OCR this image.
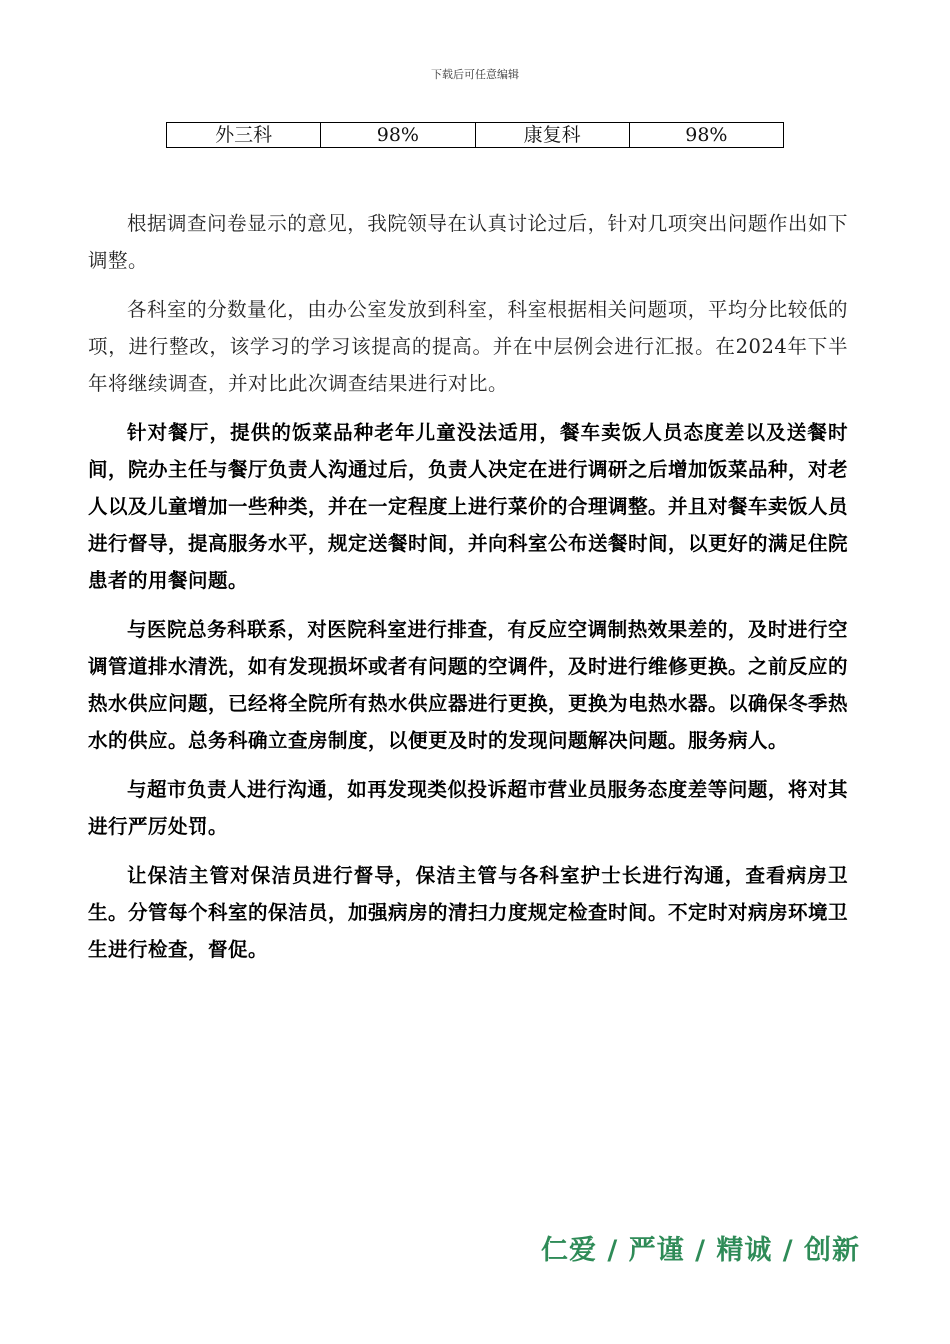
下载后可任意编辑
外三科	98%	康复科	98%

根据调查问卷显示的意见，我院领导在认真讨论过后，针对几项突出问题作出如下调整。

各科室的分数量化，由办公室发放到科室，科室根据相关问题项，平均分比较低的项，进行整改，该学习的学习该提高的提高。并在中层例会进行汇报。在2024年下半年将继续调查，并对比此次调查结果进行对比。

针对餐厅，提供的饭菜品种老年儿童没法适用，餐车卖饭人员态度差以及送餐时间，院办主任与餐厅负责人沟通过后，负责人决定在进行调研之后增加饭菜品种，对老人以及儿童增加一些种类，并在一定程度上进行菜价的合理调整。并且对餐车卖饭人员进行督导，提高服务水平，规定送餐时间，并向科室公布送餐时间，以更好的满足住院患者的用餐问题。

与医院总务科联系，对医院科室进行排查，有反应空调制热效果差的，及时进行空调管道排水清洗，如有发现损坏或者有问题的空调件，及时进行维修更换。之前反应的热水供应问题，已经将全院所有热水供应器进行更换，更换为电热水器。以确保冬季热水的供应。总务科确立查房制度，以便更及时的发现问题解决问题。服务病人。

与超市负责人进行沟通，如再发现类似投诉超市营业员服务态度差等问题，将对其进行严厉处罚。

让保洁主管对保洁员进行督导，保洁主管与各科室护士长进行沟通，查看病房卫生。分管每个科室的保洁员，加强病房的清扫力度规定检查时间。不定时对病房环境卫生进行检查，督促。

仁爱 / 严谨 / 精诚 / 创新
